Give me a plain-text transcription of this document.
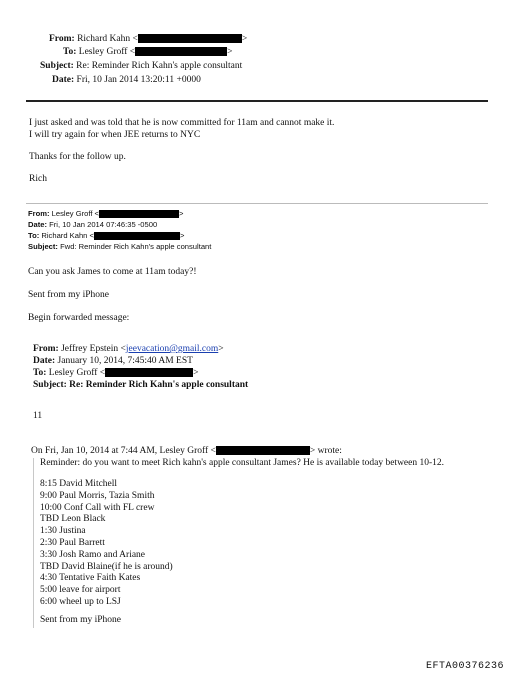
From: Richard Kahn <	>
To: Lesley Groff <	>
Subject: Re: Reminder Rich Kahn's apple consultant
Date: Fri, 10 Jan 2014 13:20:11 +0000
I just asked and was told that he is now committed for 11am and cannot make it.
I will try again for when JEE returns to NYC
Thanks for the follow up.
Rich
From: Lesley Groff <	>
Date: Fri, 10 Jan 2014 07:46:35 -0500
To: Richard Kahn <	>
Subject: Fwd: Reminder Rich Kahn's apple consultant
Can you ask James to come at 11am today?!
Sent from my iPhone
Begin forwarded message:
From: Jeffrey Epstein <jeevacation@gmail.com>
Date: January 10, 2014, 7:45:40 AM EST
To: Lesley Groff <	>
Subject: Re: Reminder Rich Kahn's apple consultant
11
On Fri, Jan 10, 2014 at 7:44 AM, Lesley Groff <	> wrote:
Reminder: do you want to meet Rich kahn's apple consultant James? He is available today between 10-12.
8:15 David Mitchell
9:00 Paul Morris, Tazia Smith
10:00 Conf Call with FL crew
TBD Leon Black
1:30 Justina
2:30 Paul Barrett
3:30 Josh Ramo and Ariane
TBD David Blaine(if he is around)
4:30 Tentative Faith Kates
5:00 leave for airport
6:00 wheel up to LSJ
Sent from my iPhone
EFTA00376236
